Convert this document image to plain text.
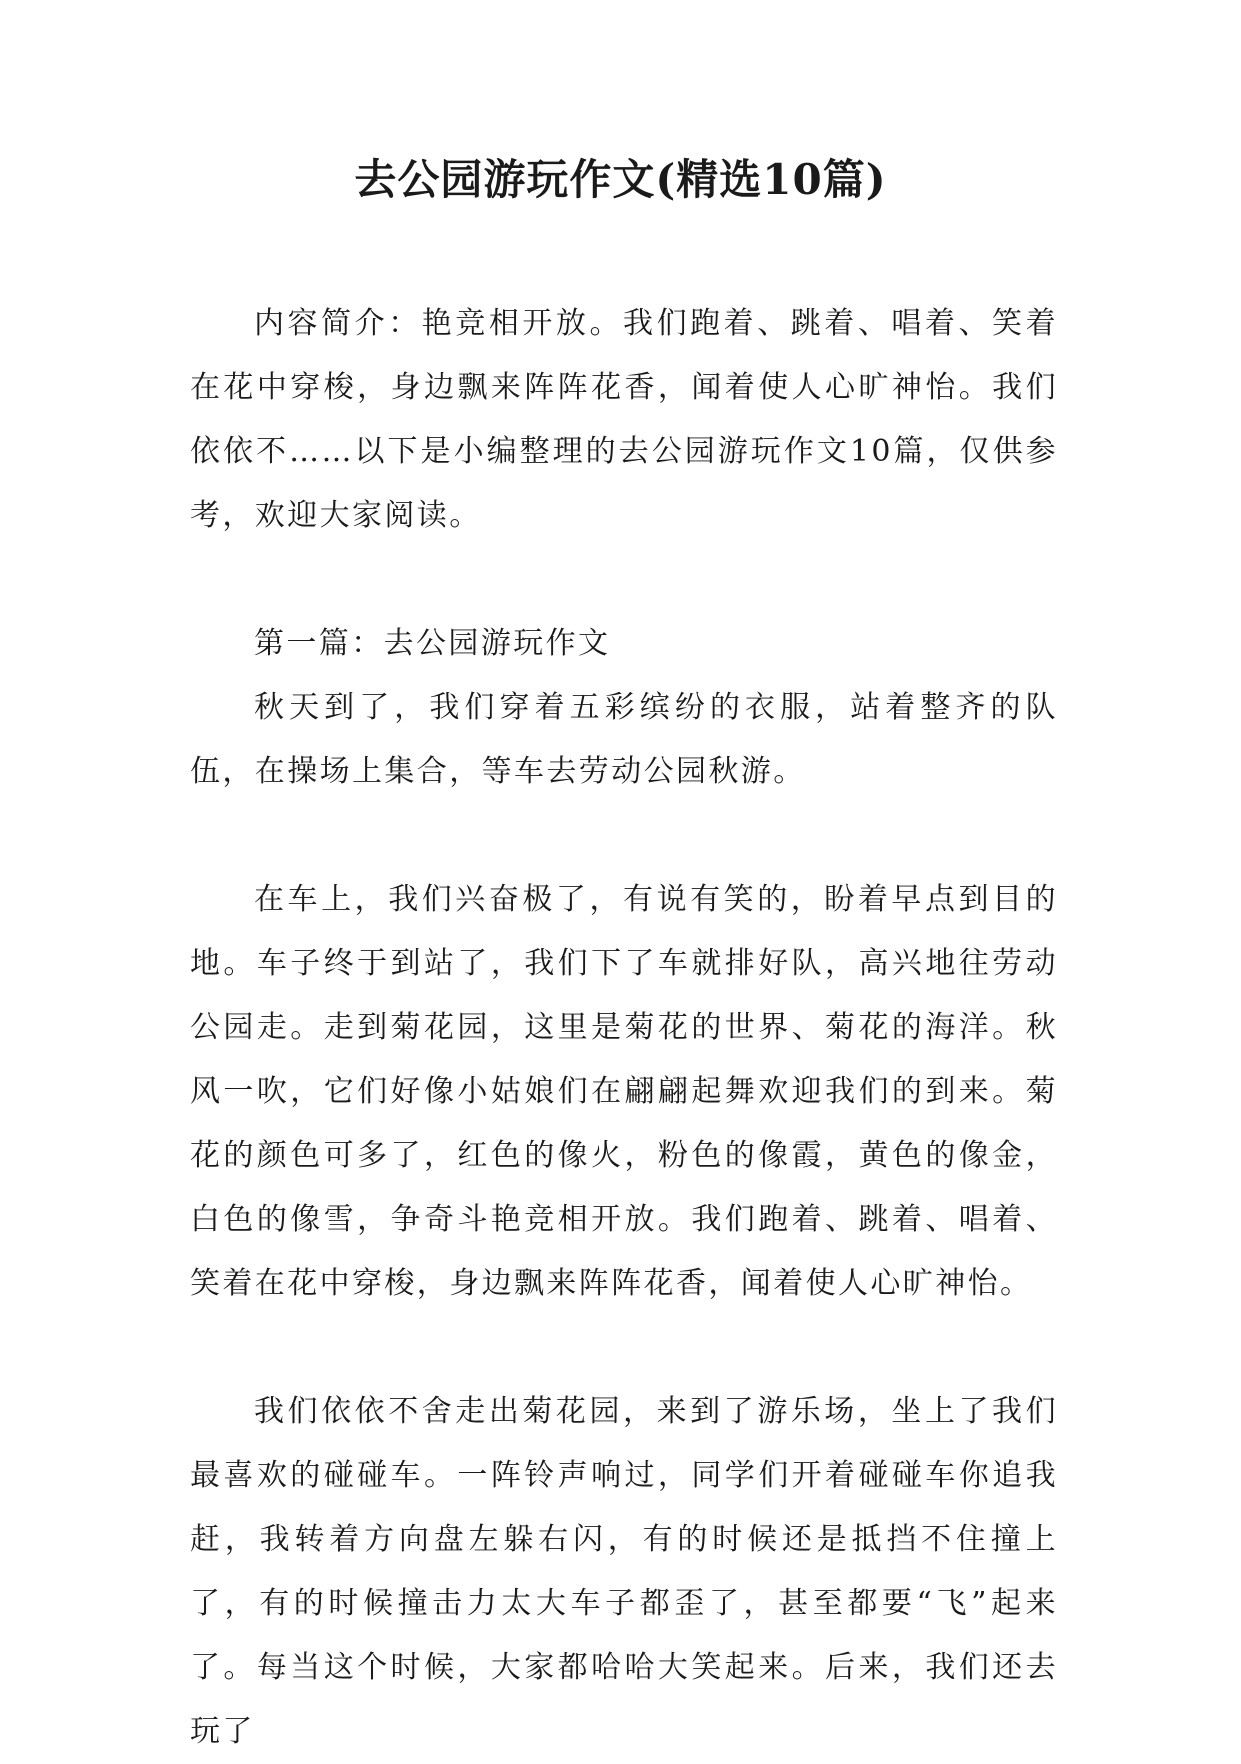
去公园游玩作文(精选10篇)

内容简介：艳竞相开放。我们跑着、跳着、唱着、笑着在花中穿梭，身边飘来阵阵花香，闻着使人心旷神怡。我们依依不……以下是小编整理的去公园游玩作文10篇，仅供参考，欢迎大家阅读。

第一篇：去公园游玩作文

秋天到了，我们穿着五彩缤纷的衣服，站着整齐的队伍，在操场上集合，等车去劳动公园秋游。

在车上，我们兴奋极了，有说有笑的，盼着早点到目的地。车子终于到站了，我们下了车就排好队，高兴地往劳动公园走。走到菊花园，这里是菊花的世界、菊花的海洋。秋风一吹，它们好像小姑娘们在翩翩起舞欢迎我们的到来。菊花的颜色可多了，红色的像火，粉色的像霞，黄色的像金，白色的像雪，争奇斗艳竞相开放。我们跑着、跳着、唱着、笑着在花中穿梭，身边飘来阵阵花香，闻着使人心旷神怡。

我们依依不舍走出菊花园，来到了游乐场，坐上了我们最喜欢的碰碰车。一阵铃声响过，同学们开着碰碰车你追我赶，我转着方向盘左躲右闪，有的时候还是抵挡不住撞上了，有的时候撞击力太大车子都歪了，甚至都要“飞”起来了。每当这个时候，大家都哈哈大笑起来。后来，我们还去玩了
